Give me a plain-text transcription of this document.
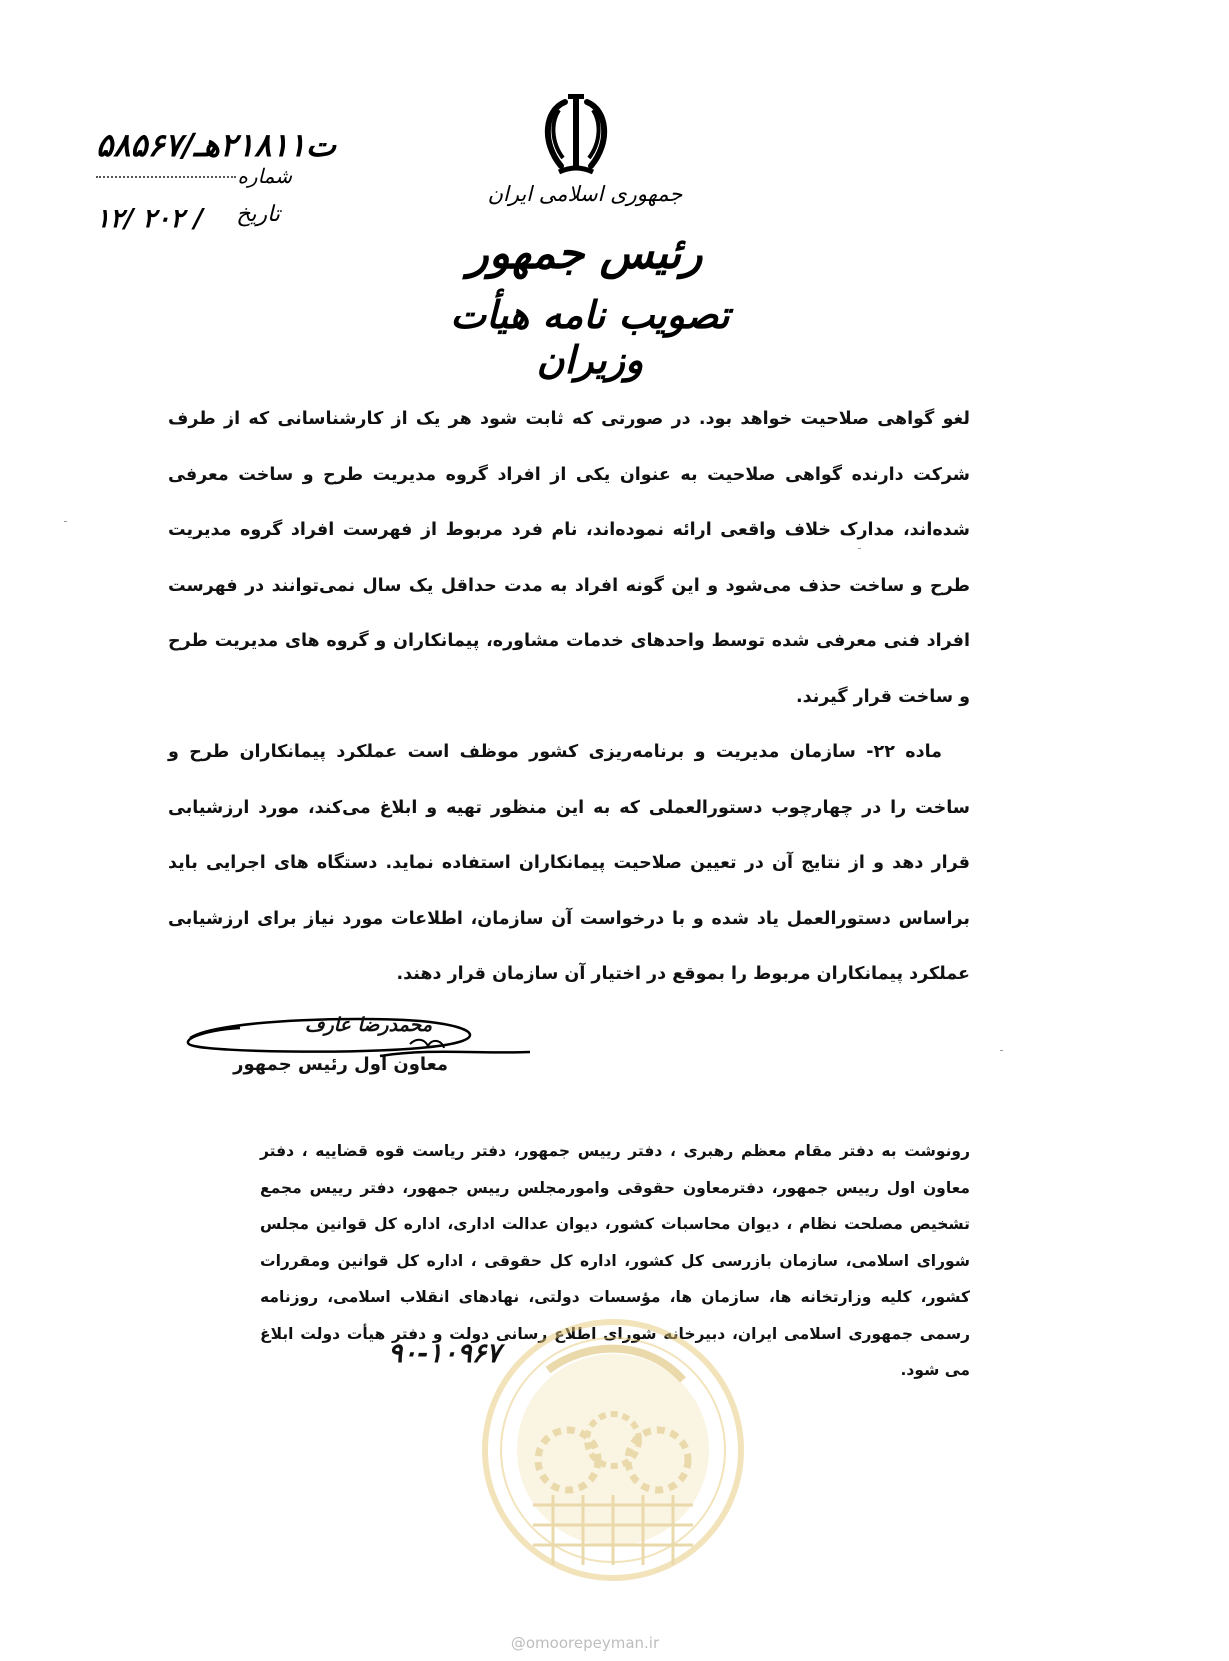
جمهوری اسلامی ایران
رئیس جمهور
تصویب نامه هیأت وزیران
۵۸۵۶۷/ت۲۱۸۱۱هـ
شماره
تاریخ
۱۲/ ۲۰۲ /

لغو گواهی صلاحیت خواهد بود. در صورتی که ثابت شود هر یک از کارشناسانی که از طرف شرکت دارنده گواهی صلاحیت به عنوان یکی از افراد گروه مدیریت طرح و ساخت معرفی شده‌اند، مدارک خلاف واقعی ارائه نموده‌اند، نام فرد مربوط از فهرست افراد گروه مدیریت طرح و ساخت حذف می‌شود و این گونه افراد به مدت حداقل یک سال نمی‌توانند در فهرست افراد فنی معرفی شده توسط واحدهای خدمات مشاوره، پیمانکاران و گروه های مدیریت طرح و ساخت قرار گیرند.

ماده ۲۲- سازمان مدیریت و برنامه‌ریزی کشور موظف است عملکرد پیمانکاران طرح و ساخت را در چهارچوب دستورالعملی که به این منظور تهیه و ابلاغ می‌کند، مورد ارزشیابی قرار دهد و از نتایج آن در تعیین صلاحیت پیمانکاران استفاده نماید. دستگاه های اجرایی باید براساس دستورالعمل یاد شده و با درخواست آن سازمان، اطلاعات مورد نیاز برای ارزشیابی عملکرد پیمانکاران مربوط را بموقع در اختیار آن سازمان قرار دهند.

محمدرضا عارف
معاون اول رئیس جمهور
رونوشت به دفتر مقام معظم رهبری ، دفتر رییس جمهور، دفتر ریاست قوه قضاییه ، دفتر معاون اول رییس جمهور، دفترمعاون حقوقی وامورمجلس رییس جمهور، دفتر رییس مجمع تشخیص مصلحت نظام ، دیوان محاسبات کشور، دیوان عدالت اداری، اداره کل قوانین مجلس شورای اسلامی، سازمان بازرسی کل کشور، اداره کل حقوقی ، اداره کل قوانین ومقررات کشور، کلیه وزارتخانه ها، سازمان ها، مؤسسات دولتی، نهادهای انقلاب اسلامی، روزنامه رسمی جمهوری اسلامی ایران، دبیرخانه شورای اطلاع رسانی دولت و دفتر هیأت دولت ابلاغ می شود.
۹۰-۱۰۹۶۷
@omoorepeyman.ir
